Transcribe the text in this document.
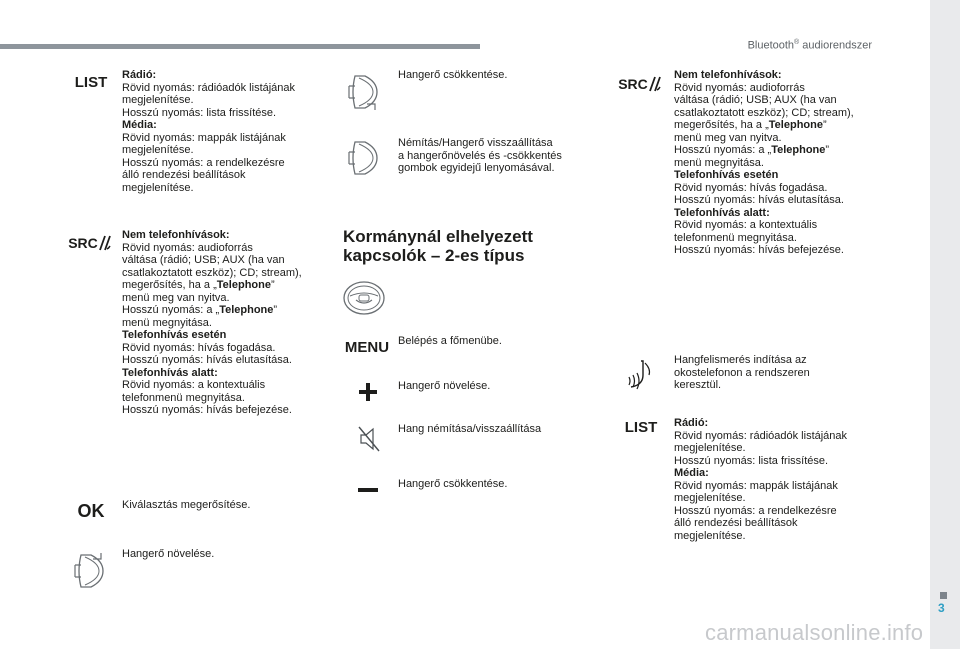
Bluetooth® audiorendszer
LIST	Rádió:

Rövid nyomás: rádióadók listájának

megjelenítése.

Hosszú nyomás: lista frissítése.

Média:

Rövid nyomás: mappák listájának

megjelenítése.

Hosszú nyomás: a rendelkezésre

álló rendezési beállítások

megjelenítése.

SRC Nem telefonhívások:

Rövid nyomás: audioforrás

váltása (rádió; USB; AUX (ha van

csatlakoztatott eszköz); CD; stream),

megerősítés, ha a „Telephone”

menü meg van nyitva.

Hosszú nyomás: a „Telephone”

menü megnyitása.

Telefonhívás esetén

Rövid nyomás: hívás fogadása.

Hosszú nyomás: hívás elutasítása.

Telefonhívás alatt:

Rövid nyomás: a kontextuális

telefonmenü megnyitása.

Hosszú nyomás: hívás befejezése.

OK	Kiválasztás megerősítése.

Hangerő növelése.

Hangerő csökkentése.

Némítás/Hangerő visszaállítása

a hangerőnövelés és -csökkentés

gombok egyidejű lenyomásával.

Kormánynál elhelyezett
kapcsolók – 2-es típus
MENU Belépés a főmenübe.

Hangerő növelése.

Hang némítása/visszaállítása

Hangerő csökkentése.

SRC

Nem telefonhívások:

Rövid nyomás: audioforrás

váltása (rádió; USB; AUX (ha van

csatlakoztatott eszköz); CD; stream),

megerősítés, ha a „Telephone”

menü meg van nyitva.

Hosszú nyomás: a „Telephone”

menü megnyitása.

Telefonhívás esetén

Rövid nyomás: hívás fogadása.

Hosszú nyomás: hívás elutasítása.

Telefonhívás alatt:

Rövid nyomás: a kontextuális

telefonmenü megnyitása.

Hosszú nyomás: hívás befejezése.

Hangfelismerés indítása az

okostelefonon a rendszeren

keresztül.

LIST	Rádió:

Rövid nyomás: rádióadók listájának

megjelenítése.

Hosszú nyomás: lista frissítése.

Média:

Rövid nyomás: mappák listájának

megjelenítése.

Hosszú nyomás: a rendelkezésre

álló rendezési beállítások

megjelenítése.

3
carmanualsonline.info
